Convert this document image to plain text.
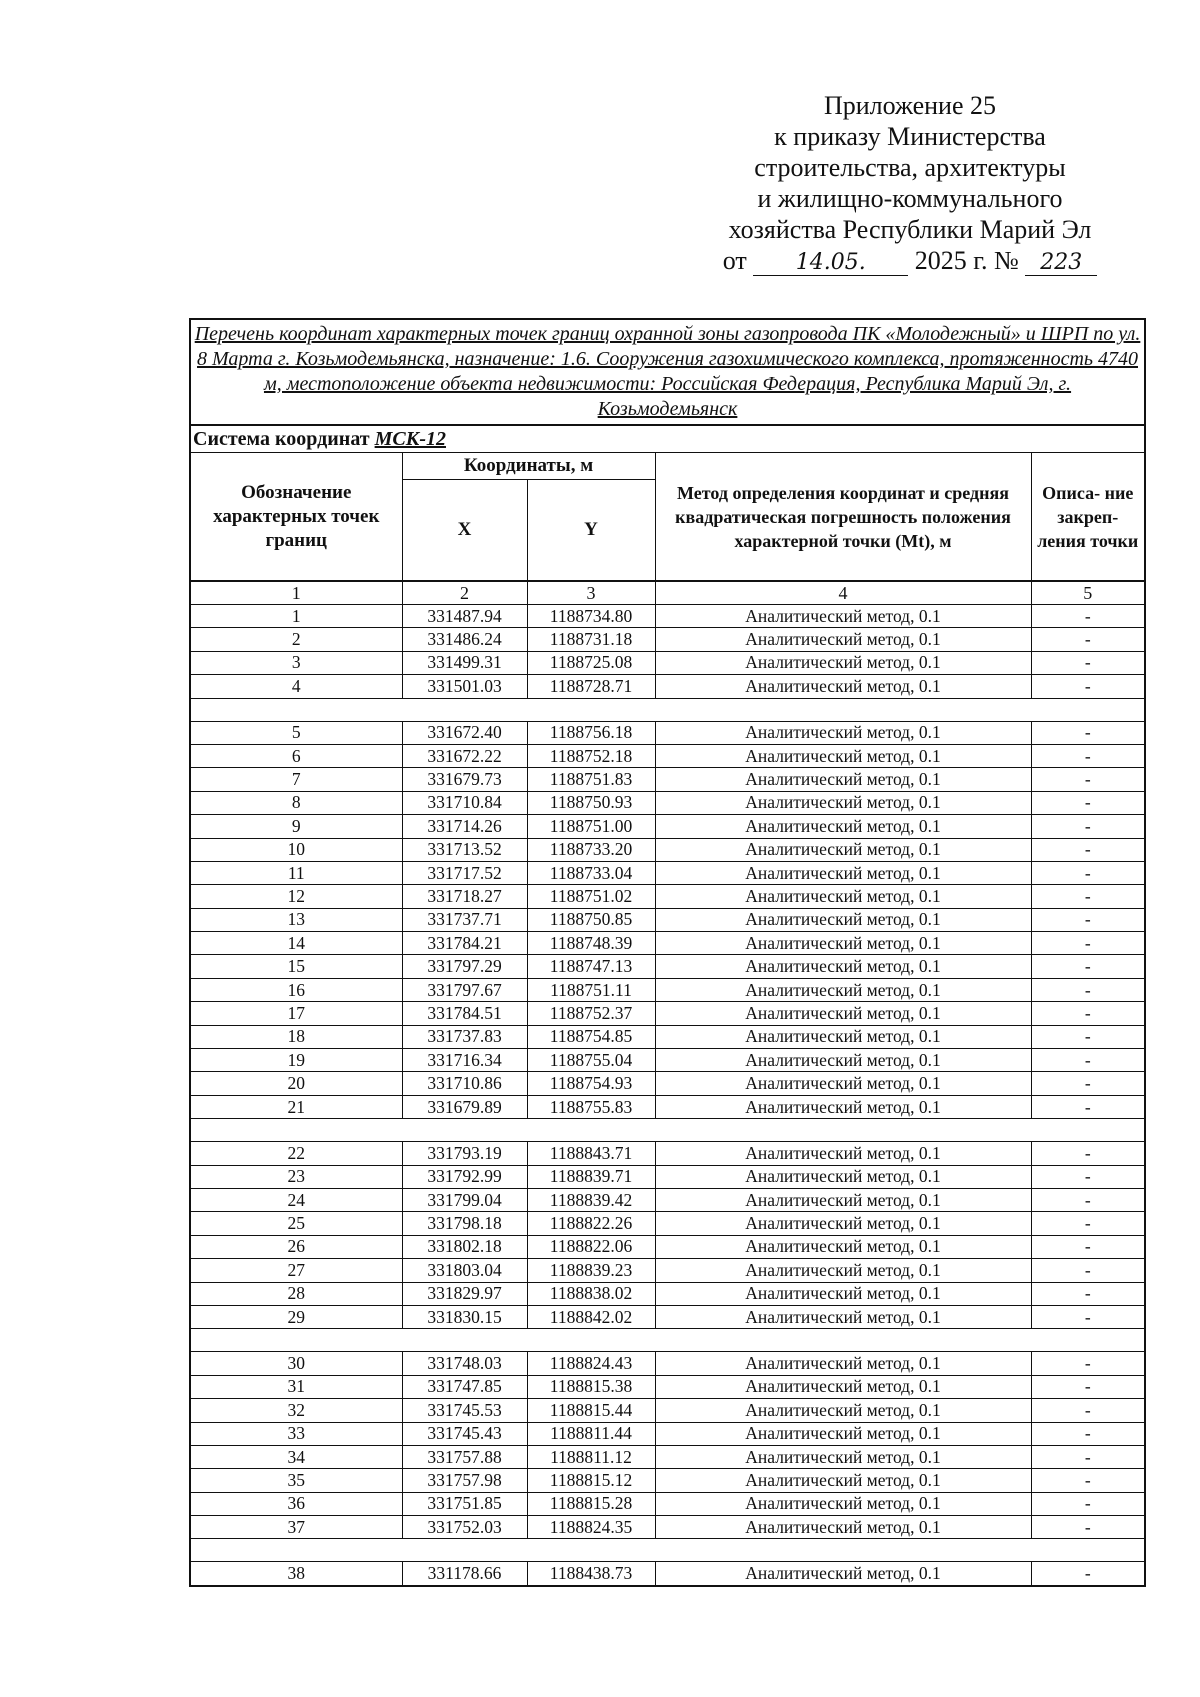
Приложение 25
к приказу Министерства
строительства, архитектуры
и жилищно-коммунального
хозяйства Республики Марий Эл
от 14.05. 2025 г. № 223
Перечень координат характерных точек границ охранной зоны газопровода ПК «Молодежный» и ШРП по ул. 8 Марта г. Козьмодемьянска, назначение: 1.6. Сооружения газохимического комплекса, протяженность 4740 м, местоположение объекта недвижимости: Российская Федерация, Республика Марий Эл, г. Козьмодемьянск				
Система координат МСК-12				
Обозначение характерных точек границ	Координаты, м		Метод определения координат и средняя квадратическая погрешность положения характерной точки (Mt), м	Описа- ние закреп- ления точки
	X	Y		
1	2	3	4	5
1	331487.94	1188734.80	Аналитический метод, 0.1	-
2	331486.24	1188731.18	Аналитический метод, 0.1	-
3	331499.31	1188725.08	Аналитический метод, 0.1	-
4	331501.03	1188728.71	Аналитический метод, 0.1	-

5	331672.40	1188756.18	Аналитический метод, 0.1	-
6	331672.22	1188752.18	Аналитический метод, 0.1	-
7	331679.73	1188751.83	Аналитический метод, 0.1	-
8	331710.84	1188750.93	Аналитический метод, 0.1	-
9	331714.26	1188751.00	Аналитический метод, 0.1	-
10	331713.52	1188733.20	Аналитический метод, 0.1	-
11	331717.52	1188733.04	Аналитический метод, 0.1	-
12	331718.27	1188751.02	Аналитический метод, 0.1	-
13	331737.71	1188750.85	Аналитический метод, 0.1	-
14	331784.21	1188748.39	Аналитический метод, 0.1	-
15	331797.29	1188747.13	Аналитический метод, 0.1	-
16	331797.67	1188751.11	Аналитический метод, 0.1	-
17	331784.51	1188752.37	Аналитический метод, 0.1	-
18	331737.83	1188754.85	Аналитический метод, 0.1	-
19	331716.34	1188755.04	Аналитический метод, 0.1	-
20	331710.86	1188754.93	Аналитический метод, 0.1	-
21	331679.89	1188755.83	Аналитический метод, 0.1	-

22	331793.19	1188843.71	Аналитический метод, 0.1	-
23	331792.99	1188839.71	Аналитический метод, 0.1	-
24	331799.04	1188839.42	Аналитический метод, 0.1	-
25	331798.18	1188822.26	Аналитический метод, 0.1	-
26	331802.18	1188822.06	Аналитический метод, 0.1	-
27	331803.04	1188839.23	Аналитический метод, 0.1	-
28	331829.97	1188838.02	Аналитический метод, 0.1	-
29	331830.15	1188842.02	Аналитический метод, 0.1	-

30	331748.03	1188824.43	Аналитический метод, 0.1	-
31	331747.85	1188815.38	Аналитический метод, 0.1	-
32	331745.53	1188815.44	Аналитический метод, 0.1	-
33	331745.43	1188811.44	Аналитический метод, 0.1	-
34	331757.88	1188811.12	Аналитический метод, 0.1	-
35	331757.98	1188815.12	Аналитический метод, 0.1	-
36	331751.85	1188815.28	Аналитический метод, 0.1	-
37	331752.03	1188824.35	Аналитический метод, 0.1	-

38	331178.66	1188438.73	Аналитический метод, 0.1	-
